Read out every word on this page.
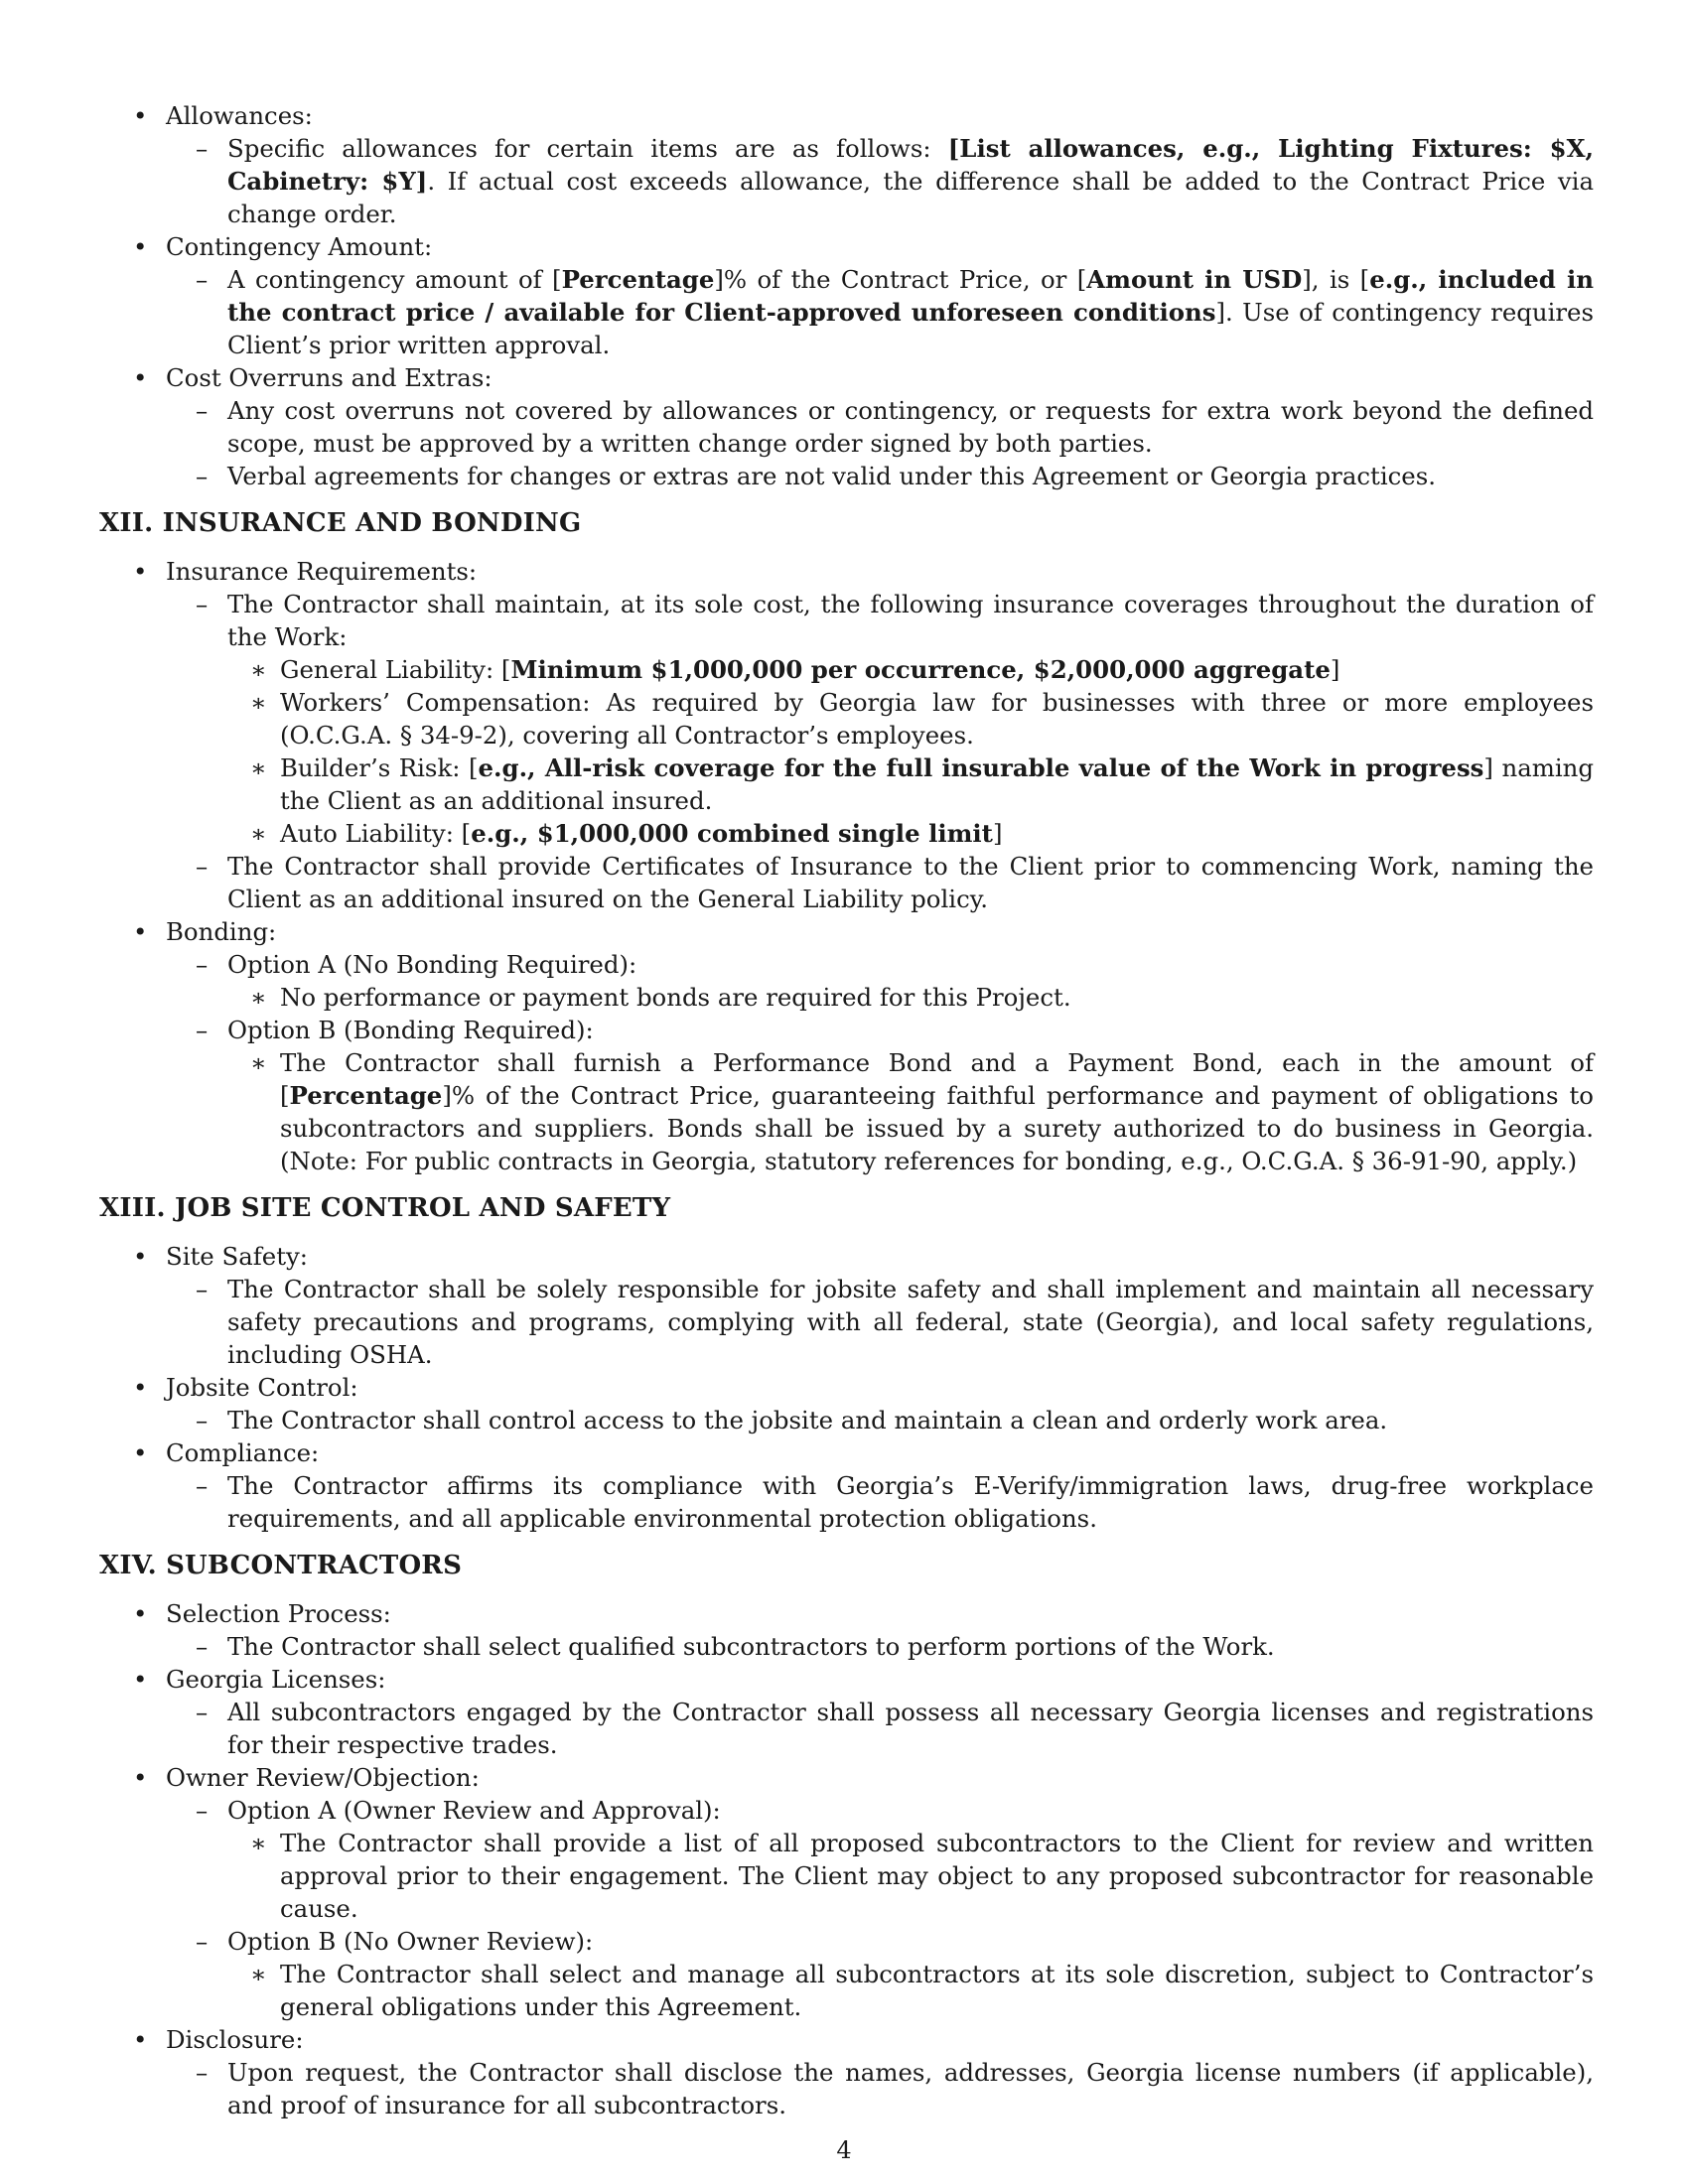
• Allowances:
– Specific allowances for certain items are as follows: [List allowances, e.g., Lighting Fixtures: $X, Cabinetry: $Y]. If actual cost exceeds allowance, the difference shall be added to the Contract Price via change order.
• Contingency Amount:
– A contingency amount of [Percentage]% of the Contract Price, or [Amount in USD], is [e.g., included in the contract price / available for Client-approved unforeseen conditions]. Use of contingency requires Client’s prior written approval.
• Cost Overruns and Extras:
– Any cost overruns not covered by allowances or contingency, or requests for extra work beyond the defined scope, must be approved by a written change order signed by both parties.
– Verbal agreements for changes or extras are not valid under this Agreement or Georgia practices.
XII. INSURANCE AND BONDING
• Insurance Requirements:
– The Contractor shall maintain, at its sole cost, the following insurance coverages throughout the duration of the Work:
∗ General Liability: [Minimum $1,000,000 per occurrence, $2,000,000 aggregate]
∗ Workers’ Compensation: As required by Georgia law for businesses with three or more employees (O.C.G.A. § 34-9-2), covering all Contractor’s employees.
∗ Builder’s Risk: [e.g., All-risk coverage for the full insurable value of the Work in progress] naming the Client as an additional insured.
∗ Auto Liability: [e.g., $1,000,000 combined single limit]
– The Contractor shall provide Certificates of Insurance to the Client prior to commencing Work, naming the Client as an additional insured on the General Liability policy.
• Bonding:
– Option A (No Bonding Required):
∗ No performance or payment bonds are required for this Project.
– Option B (Bonding Required):
∗ The Contractor shall furnish a Performance Bond and a Payment Bond, each in the amount of [Percentage]% of the Contract Price, guaranteeing faithful performance and payment of obligations to subcontractors and suppliers. Bonds shall be issued by a surety authorized to do business in Georgia. (Note: For public contracts in Georgia, statutory references for bonding, e.g., O.C.G.A. § 36-91-90, apply.)
XIII. JOB SITE CONTROL AND SAFETY
• Site Safety:
– The Contractor shall be solely responsible for jobsite safety and shall implement and maintain all necessary safety precautions and programs, complying with all federal, state (Georgia), and local safety regulations, including OSHA.
• Jobsite Control:
– The Contractor shall control access to the jobsite and maintain a clean and orderly work area.
• Compliance:
– The Contractor affirms its compliance with Georgia’s E-Verify/immigration laws, drug-free workplace requirements, and all applicable environmental protection obligations.
XIV. SUBCONTRACTORS
• Selection Process:
– The Contractor shall select qualified subcontractors to perform portions of the Work.
• Georgia Licenses:
– All subcontractors engaged by the Contractor shall possess all necessary Georgia licenses and registrations for their respective trades.
• Owner Review/Objection:
– Option A (Owner Review and Approval):
∗ The Contractor shall provide a list of all proposed subcontractors to the Client for review and written approval prior to their engagement. The Client may object to any proposed subcontractor for reasonable cause.
– Option B (No Owner Review):
∗ The Contractor shall select and manage all subcontractors at its sole discretion, subject to Contractor’s general obligations under this Agreement.
• Disclosure:
– Upon request, the Contractor shall disclose the names, addresses, Georgia license numbers (if applicable), and proof of insurance for all subcontractors.
4
